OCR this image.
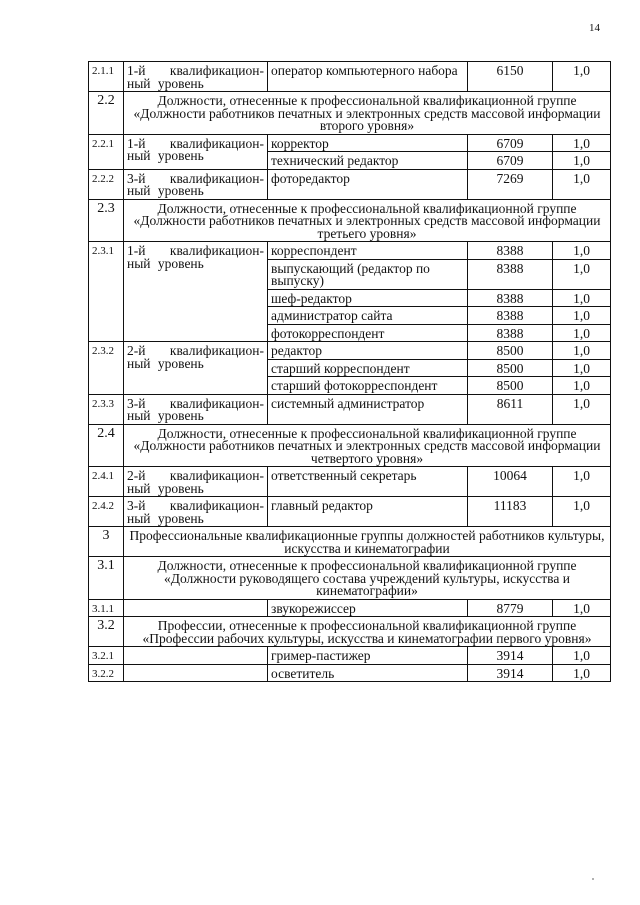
14
2.1.1	1-й квалификацион-ный уровень	оператор компьютерного набора	6150	1,0
2.2	Должности, отнесенные к профессиональной квалификационной группе «Должности работников печатных и электронных средств массовой информации второго уровня»			
2.2.1	1-й квалификацион-ный уровень	корректор	6709	1,0
		технический редактор	6709	1,0
2.2.2	3-й квалификацион-ный уровень	фоторедактор	7269	1,0
2.3	Должности, отнесенные к профессиональной квалификационной группе «Должности работников печатных и электронных средств массовой информации третьего уровня»			
2.3.1	1-й квалификацион-ный уровень	корреспондент	8388	1,0
		выпускающий (редактор по выпуску)	8388	1,0
		шеф-редактор	8388	1,0
		администратор сайта	8388	1,0
		фотокорреспондент	8388	1,0
2.3.2	2-й квалификацион-ный уровень	редактор	8500	1,0
		старший корреспондент	8500	1,0
		старший фотокорреспондент	8500	1,0
2.3.3	3-й квалификацион-ный уровень	системный администратор	8611	1,0
2.4	Должности, отнесенные к профессиональной квалификационной группе «Должности работников печатных и электронных средств массовой информации четвертого уровня»			
2.4.1	2-й квалификацион-ный уровень	ответственный секретарь	10064	1,0
2.4.2	3-й квалификацион-ный уровень	главный редактор	11183	1,0
3	Профессиональные квалификационные группы должностей работников культуры, искусства и кинематографии			
3.1	Должности, отнесенные к профессиональной квалификационной группе «Должности руководящего состава учреждений культуры, искусства и кинематографии»			
3.1.1		звукорежиссер	8779	1,0
3.2	Профессии, отнесенные к профессиональной квалификационной группе «Профессии рабочих культуры, искусства и кинематографии первого уровня»			
3.2.1		гример-пастижер	3914	1,0
3.2.2		осветитель	3914	1,0
